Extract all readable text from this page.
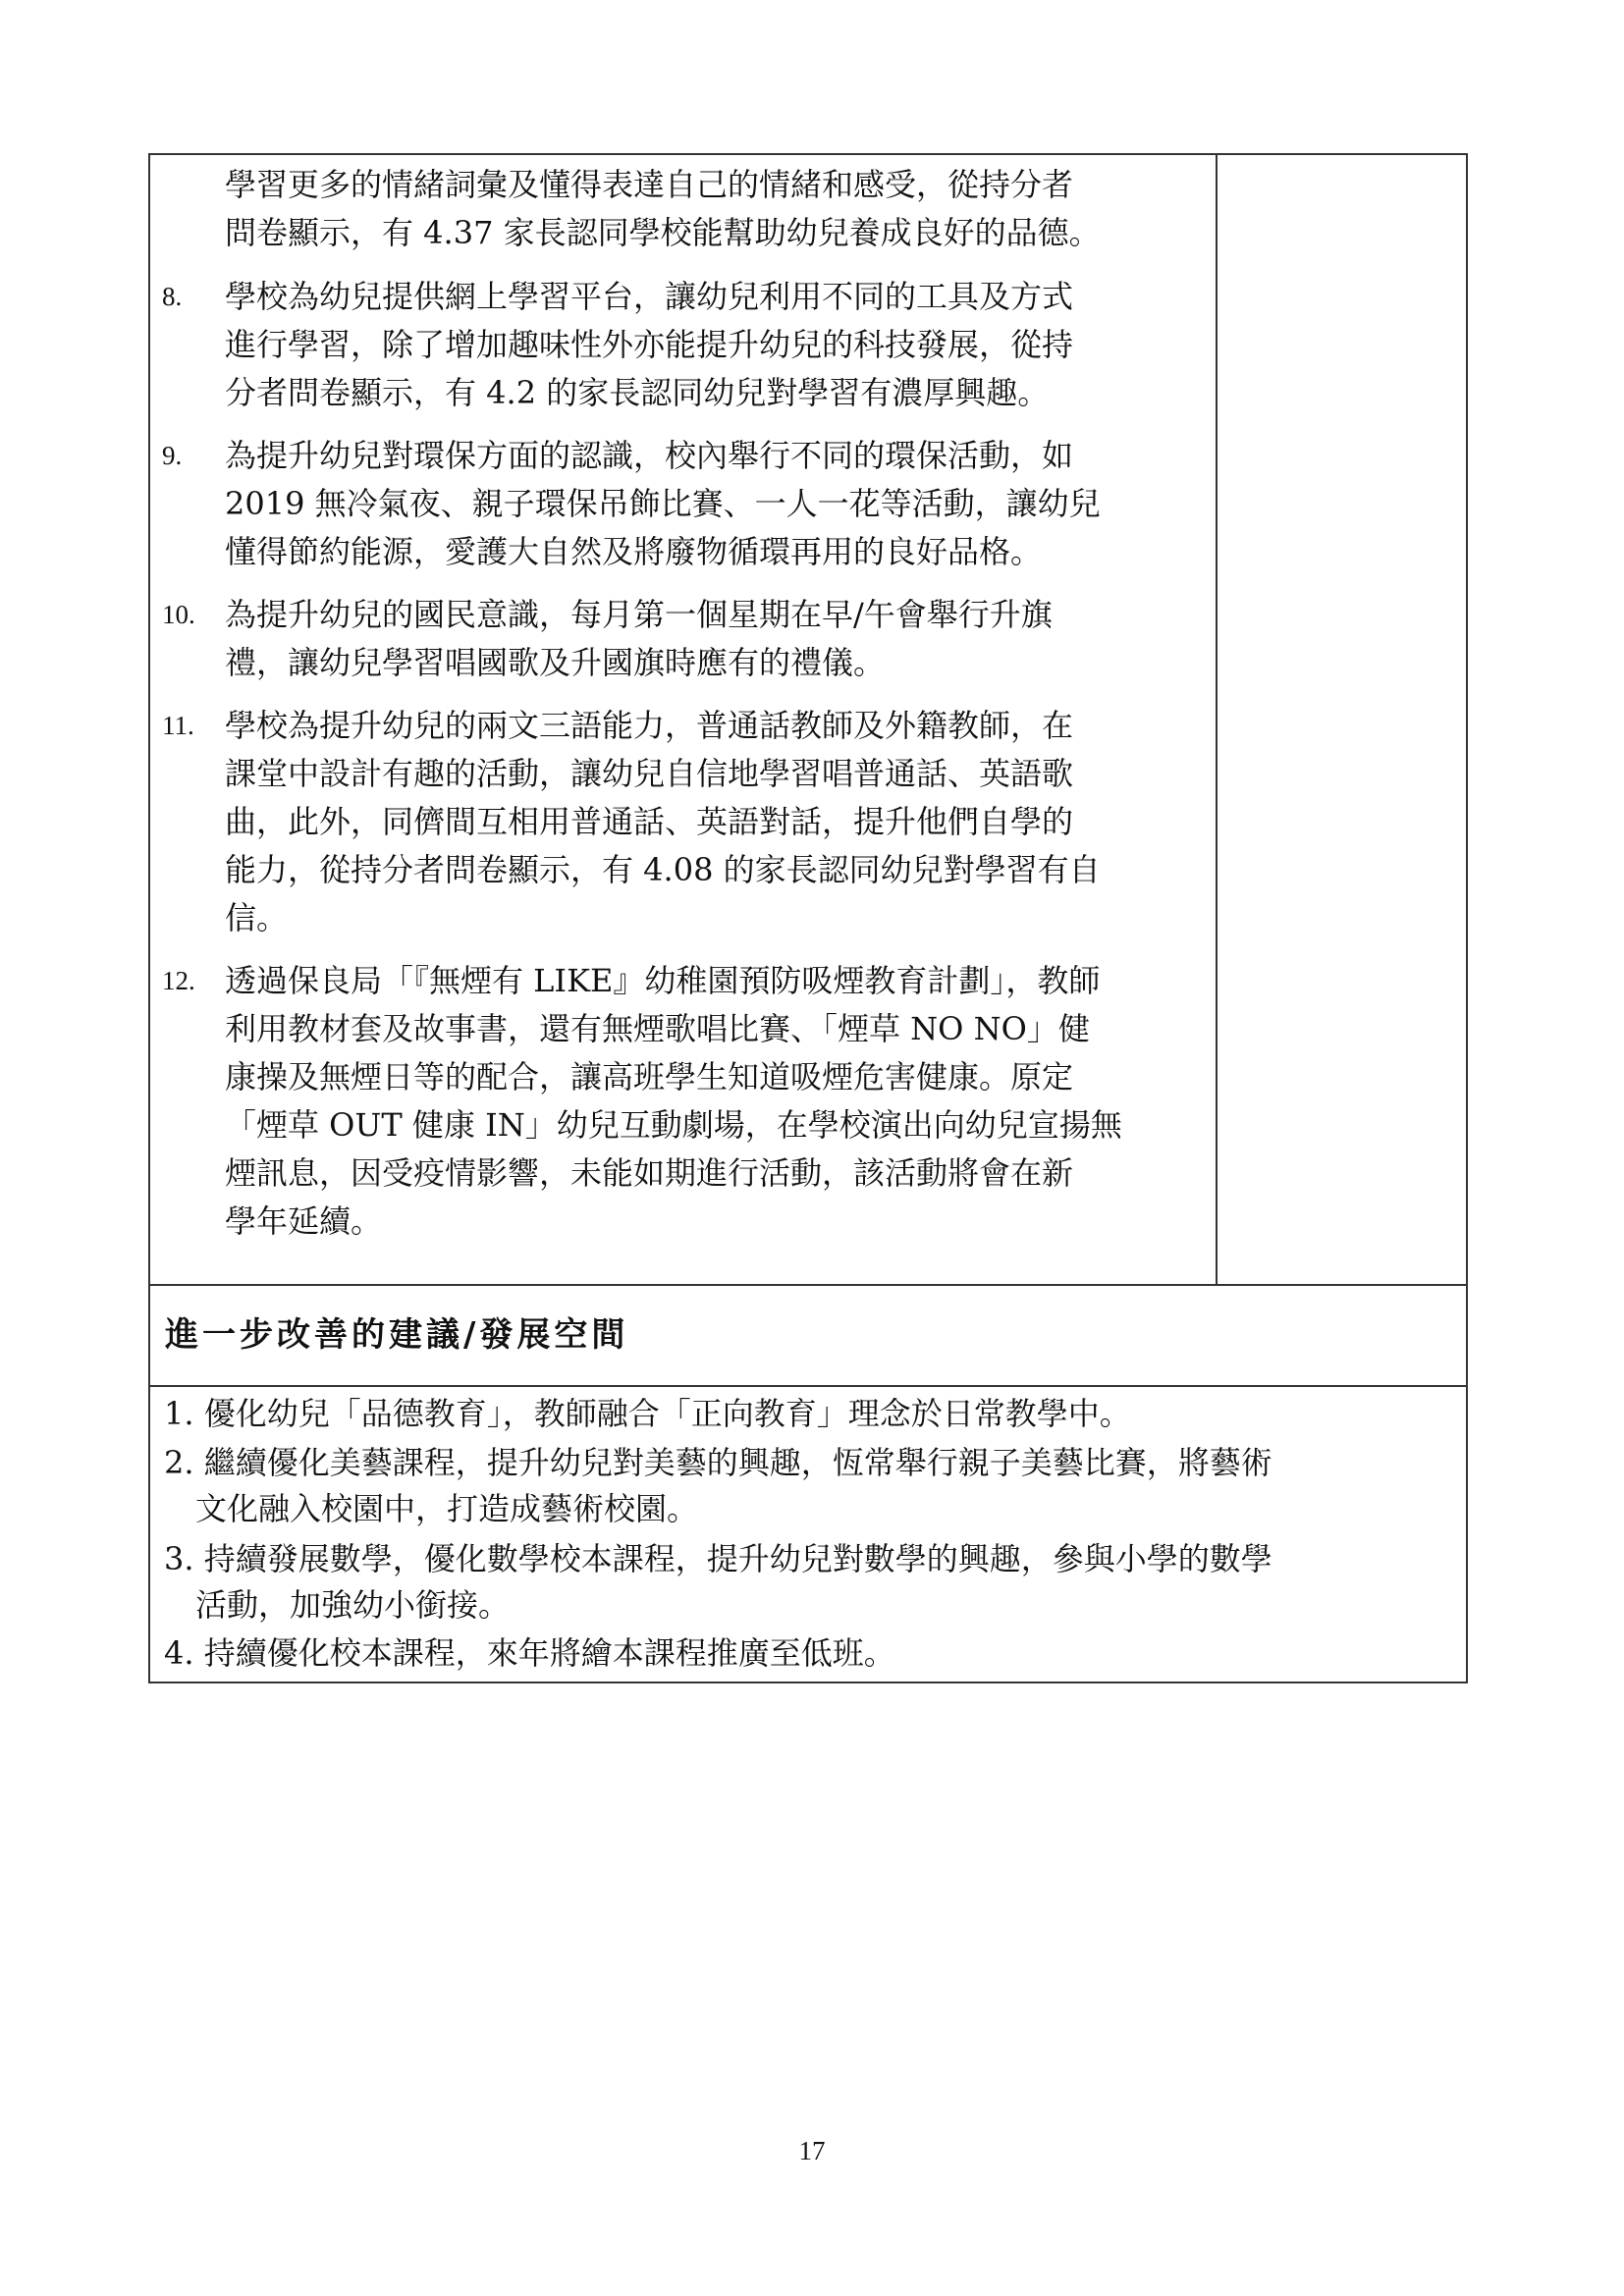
學習更多的情緒詞彙及懂得表達自己的情緒和感受，從持分者
問卷顯示，有 4.37 家長認同學校能幫助幼兒養成良好的品德。
8. 學校為幼兒提供網上學習平台，讓幼兒利用不同的工具及方式
進行學習，除了增加趣味性外亦能提升幼兒的科技發展，從持
分者問卷顯示，有 4.2 的家長認同幼兒對學習有濃厚興趣。
9. 為提升幼兒對環保方面的認識，校內舉行不同的環保活動，如
2019 無冷氣夜、親子環保吊飾比賽、一人一花等活動，讓幼兒
懂得節約能源，愛護大自然及將廢物循環再用的良好品格。
10. 為提升幼兒的國民意識，每月第一個星期在早/午會舉行升旗
禮，讓幼兒學習唱國歌及升國旗時應有的禮儀。
11. 學校為提升幼兒的兩文三語能力，普通話教師及外籍教師，在
課堂中設計有趣的活動，讓幼兒自信地學習唱普通話、英語歌
曲，此外，同儕間互相用普通話、英語對話，提升他們自學的
能力，從持分者問卷顯示，有 4.08 的家長認同幼兒對學習有自
信。
12. 透過保良局「『無煙有 LIKE』幼稚園預防吸煙教育計劃」，教師
利用教材套及故事書，還有無煙歌唱比賽、「煙草 NO NO」健
康操及無煙日等的配合，讓高班學生知道吸煙危害健康。原定
「煙草 OUT 健康 IN」幼兒互動劇場，在學校演出向幼兒宣揚無
煙訊息，因受疫情影響，未能如期進行活動，該活動將會在新
學年延續。
進一步改善的建議/發展空間
1. 優化幼兒「品德教育」，教師融合「正向教育」理念於日常教學中。
2. 繼續優化美藝課程，提升幼兒對美藝的興趣，恆常舉行親子美藝比賽，將藝術
文化融入校園中，打造成藝術校園。
3. 持續發展數學，優化數學校本課程，提升幼兒對數學的興趣，參與小學的數學
活動，加強幼小銜接。
4. 持續優化校本課程，來年將繪本課程推廣至低班。
17
